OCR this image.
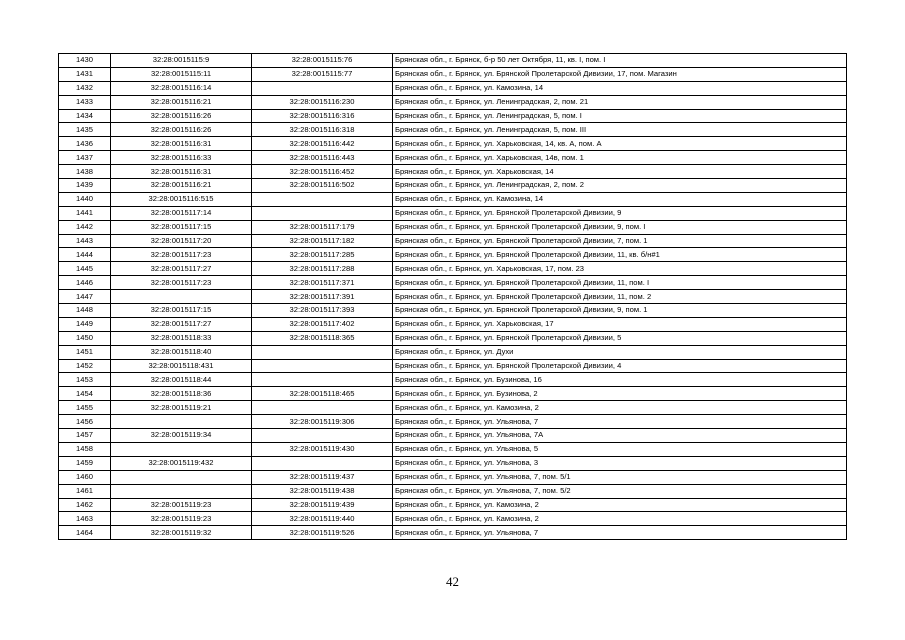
1430	32:28:0015115:9	32:28:0015115:76	Брянская обл., г. Брянск, б-р 50 лет Октября, 11, кв. I, пом. I
1431	32:28:0015115:11	32:28:0015115:77	Брянская обл., г. Брянск, ул. Брянской Пролетарской Дивизии, 17, пом. Магазин
1432	32:28:0015116:14		Брянская обл., г. Брянск, ул. Камозина, 14
1433	32:28:0015116:21	32:28:0015116:230	Брянская обл., г. Брянск, ул. Ленинградская, 2, пом. 21
1434	32:28:0015116:26	32:28:0015116:316	Брянская обл., г. Брянск, ул. Ленинградская, 5, пом. I
1435	32:28:0015116:26	32:28:0015116:318	Брянская обл., г. Брянск, ул. Ленинградская, 5, пом. III
1436	32:28:0015116:31	32:28:0015116:442	Брянская обл., г. Брянск, ул. Харьковская, 14, кв. А, пом. А
1437	32:28:0015116:33	32:28:0015116:443	Брянская обл., г. Брянск, ул. Харьковская, 14в, пом. 1
1438	32:28:0015116:31	32:28:0015116:452	Брянская обл., г. Брянск, ул. Харьковская, 14
1439	32:28:0015116:21	32:28:0015116:502	Брянская обл., г. Брянск, ул. Ленинградская, 2, пом. 2
1440	32:28:0015116:515		Брянская обл., г. Брянск, ул. Камозина, 14
1441	32:28:0015117:14		Брянская обл., г. Брянск, ул. Брянской Пролетарской Дивизии, 9
1442	32:28:0015117:15	32:28:0015117:179	Брянская обл., г. Брянск, ул. Брянской Пролетарской Дивизии, 9, пом. I
1443	32:28:0015117:20	32:28:0015117:182	Брянская обл., г. Брянск, ул. Брянской Пролетарской Дивизии, 7, пом. 1
1444	32:28:0015117:23	32:28:0015117:285	Брянская обл., г. Брянск, ул. Брянской Пролетарской Дивизии, 11, кв. б/н#1
1445	32:28:0015117:27	32:28:0015117:288	Брянская обл., г. Брянск, ул. Харьковская, 17, пом. 23
1446	32:28:0015117:23	32:28:0015117:371	Брянская обл., г. Брянск, ул. Брянской Пролетарской Дивизии, 11, пом. I
1447		32:28:0015117:391	Брянская обл., г. Брянск, ул. Брянской Пролетарской Дивизии, 11, пом. 2
1448	32:28:0015117:15	32:28:0015117:393	Брянская обл., г. Брянск, ул. Брянской Пролетарской Дивизии, 9, пом. 1
1449	32:28:0015117:27	32:28:0015117:402	Брянская обл., г. Брянск, ул. Харьковская, 17
1450	32:28:0015118:33	32:28:0015118:365	Брянская обл., г. Брянск, ул. Брянской Пролетарской Дивизии, 5
1451	32:28:0015118:40		Брянская обл., г. Брянск, ул. Духи
1452	32:28:0015118:431		Брянская обл., г. Брянск, ул. Брянской Пролетарской Дивизии, 4
1453	32:28:0015118:44		Брянская обл., г. Брянск, ул. Бузинова, 16
1454	32:28:0015118:36	32:28:0015118:465	Брянская обл., г. Брянск, ул. Бузинова, 2
1455	32:28:0015119:21		Брянская обл., г. Брянск, ул. Камозина, 2
1456		32:28:0015119:306	Брянская обл., г. Брянск, ул. Ульянова, 7
1457	32:28:0015119:34		Брянская обл., г. Брянск, ул. Ульянова, 7А
1458		32:28:0015119:430	Брянская обл., г. Брянск, ул. Ульянова, 5
1459	32:28:0015119:432		Брянская обл., г. Брянск, ул. Ульянова, 3
1460		32:28:0015119:437	Брянская обл., г. Брянск, ул. Ульянова, 7, пом. 5/1
1461		32:28:0015119:438	Брянская обл., г. Брянск, ул. Ульянова, 7, пом. 5/2
1462	32:28:0015119:23	32:28:0015119:439	Брянская обл., г. Брянск, ул. Камозина, 2
1463	32:28:0015119:23	32:28:0015119:440	Брянская обл., г. Брянск, ул. Камозина, 2
1464	32:28:0015119:32	32:28:0015119:526	Брянская обл., г. Брянск, ул. Ульянова, 7
42
